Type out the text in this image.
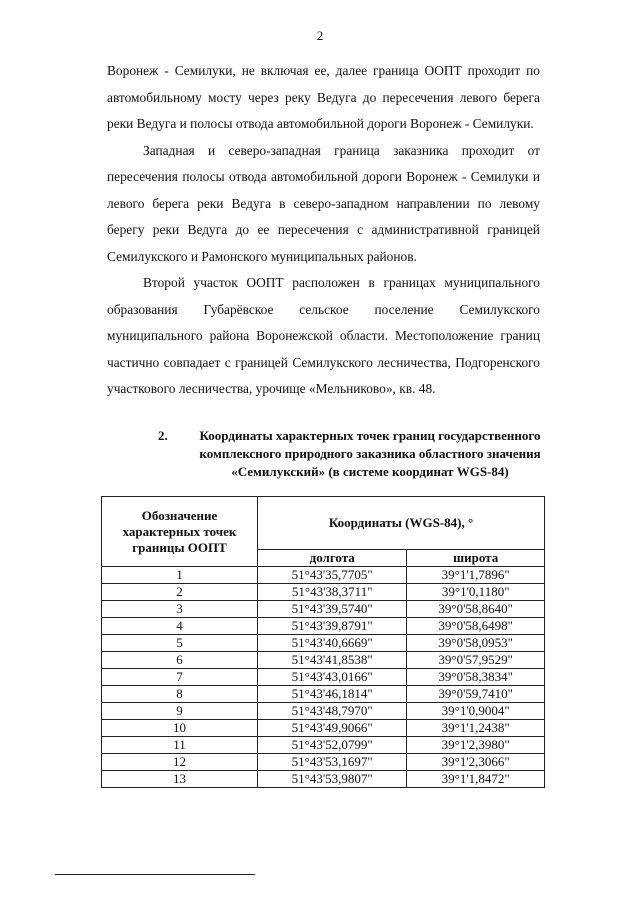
2

Воронеж - Семилуки, не включая ее, далее граница ООПТ проходит по автомобильному мосту через реку Ведуга до пересечения левого берега реки Ведуга и полосы отвода автомобильной дороги Воронеж - Семилуки.

Западная и северо-западная граница заказника проходит от пересечения полосы отвода автомобильной дороги Воронеж - Семилуки и левого берега реки Ведуга в северо-западном направлении по левому берегу реки Ведуга до ее пересечения с административной границей Семилукского и Рамонского муниципальных районов.

Второй участок ООПТ расположен в границах муниципального образования Губарёвское сельское поселение Семилукского муниципального района Воронежской области. Местоположение границ частично совпадает с границей Семилукского лесничества, Подгоренского участкового лесничества, урочище «Мельниково», кв. 48.

2.	Координаты характерных точек границ государственного
комплексного природного заказника областного значения
«Семилукский» (в системе координат WGS-84)
Обозначение характерных точек границы ООПТ	Координаты (WGS-84), °	
	долгота	широта
1	51°43'35,7705"	39°1'1,7896"
2	51°43'38,3711"	39°1'0,1180"
3	51°43'39,5740"	39°0'58,8640"
4	51°43'39,8791"	39°0'58,6498"
5	51°43'40,6669"	39°0'58,0953"
6	51°43'41,8538"	39°0'57,9529"
7	51°43'43,0166"	39°0'58,3834"
8	51°43'46,1814"	39°0'59,7410"
9	51°43'48,7970"	39°1'0,9004"
10	51°43'49,9066"	39°1'1,2438"
11	51°43'52,0799"	39°1'2,3980"
12	51°43'53,1697"	39°1'2,3066"
13	51°43'53,9807"	39°1'1,8472"
